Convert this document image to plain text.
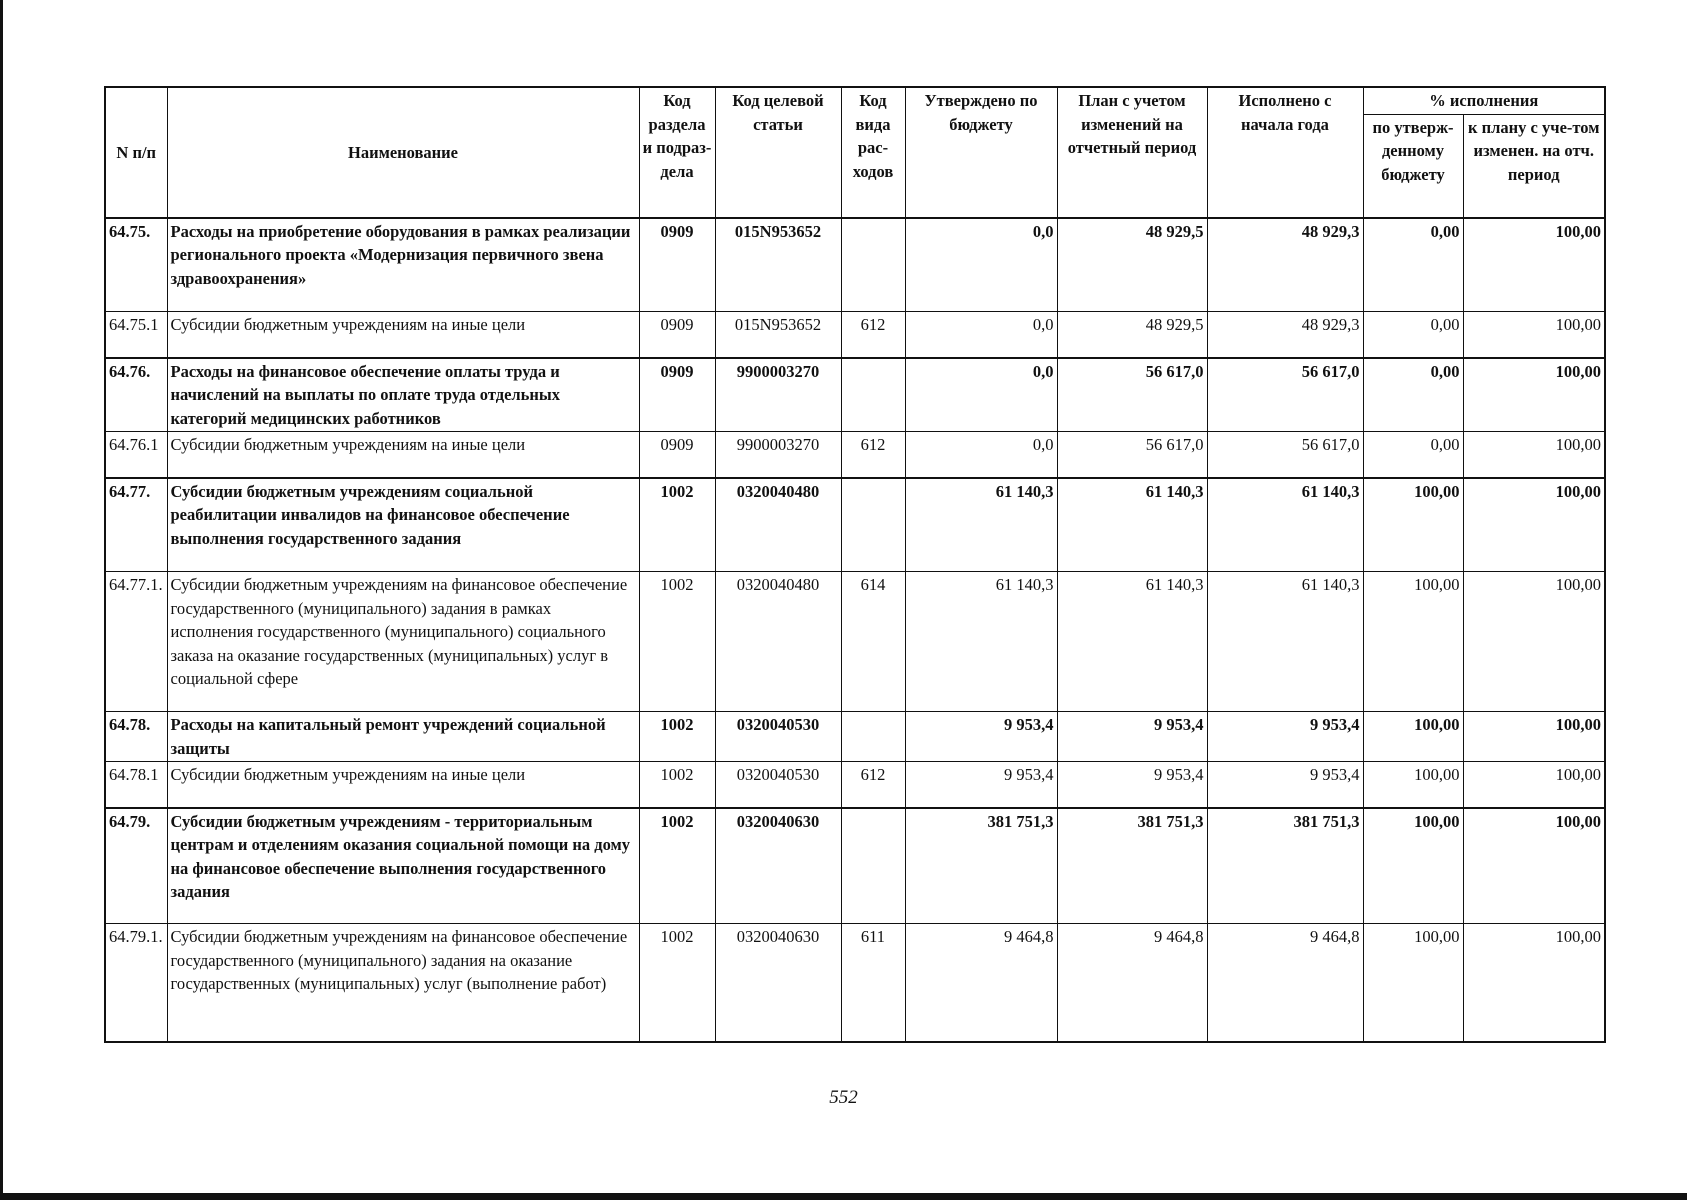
N п/п	Наименование	Код раздела и подраз-дела	Код целевой статьи	Код вида рас-ходов	Утверждено по бюджету	План с учетом изменений на отчетный период	Исполнено с начала года	% исполнения	
								по утверж-денному бюджету	к плану с уче-том изменен. на отч. период
64.75.	Расходы на приобретение оборудования в рамках реализации регионального проекта «Модернизация первичного звена здравоохранения»	0909	015N953652		0,0	48 929,5	48 929,3	0,00	100,00
64.75.1	Субсидии бюджетным учреждениям на иные цели	0909	015N953652	612	0,0	48 929,5	48 929,3	0,00	100,00
64.76.	Расходы на финансовое обеспечение оплаты труда и начислений на выплаты по оплате труда отдельных категорий медицинских работников	0909	9900003270		0,0	56 617,0	56 617,0	0,00	100,00
64.76.1	Субсидии бюджетным учреждениям на иные цели	0909	9900003270	612	0,0	56 617,0	56 617,0	0,00	100,00
64.77.	Субсидии бюджетным учреждениям социальной реабилитации инвалидов на финансовое обеспечение выполнения государственного задания	1002	0320040480		61 140,3	61 140,3	61 140,3	100,00	100,00
64.77.1.	Субсидии бюджетным учреждениям на финансовое обеспечение государственного (муниципального) задания в рамках исполнения государственного (муниципального) социального заказа на оказание государственных (муниципальных) услуг в социальной сфере	1002	0320040480	614	61 140,3	61 140,3	61 140,3	100,00	100,00
64.78.	Расходы на капитальный ремонт учреждений социальной защиты	1002	0320040530		9 953,4	9 953,4	9 953,4	100,00	100,00
64.78.1	Субсидии бюджетным учреждениям на иные цели	1002	0320040530	612	9 953,4	9 953,4	9 953,4	100,00	100,00
64.79.	Субсидии бюджетным учреждениям - территориальным центрам и отделениям оказания социальной помощи на дому на финансовое обеспечение выполнения государственного задания	1002	0320040630		381 751,3	381 751,3	381 751,3	100,00	100,00
64.79.1.	Субсидии бюджетным учреждениям на финансовое обеспечение государственного (муниципального) задания на оказание государственных (муниципальных) услуг (выполнение работ)	1002	0320040630	611	9 464,8	9 464,8	9 464,8	100,00	100,00
552
